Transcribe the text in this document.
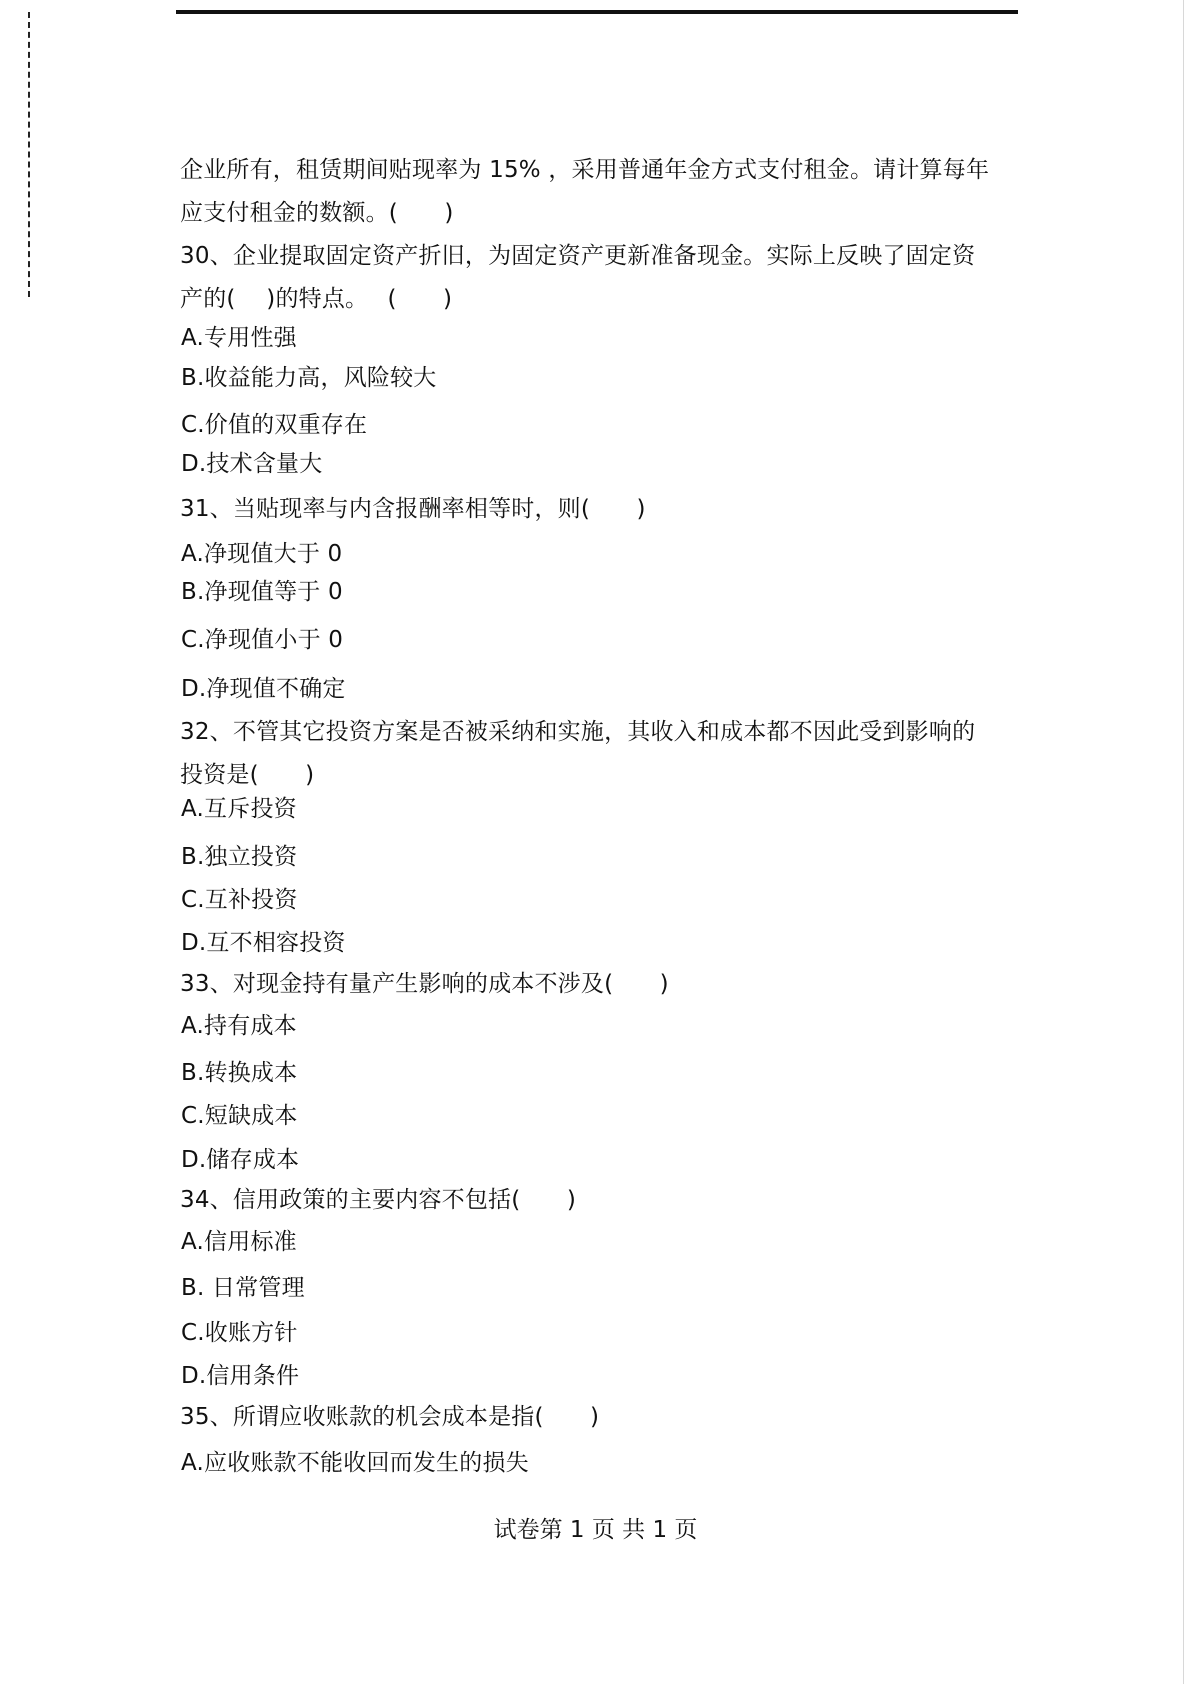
企业所有，租赁期间贴现率为 15% ，采用普通年金方式支付租金。请计算每年
应支付租金的数额。(　　)
30、企业提取固定资产折旧，为固定资产更新准备现金。实际上反映了固定资
产的(　 )的特点。　 (　　)
A.专用性强
B.收益能力高，风险较大
C.价值的双重存在
D.技术含量大
31、当贴现率与内含报酬率相等时，则(　　)
A.净现值大于 0
B.净现值等于 0
C.净现值小于 0
D.净现值不确定
32、不管其它投资方案是否被采纳和实施，其收入和成本都不因此受到影响的
投资是(　　)
A.互斥投资
B.独立投资
C.互补投资
D.互不相容投资
33、对现金持有量产生影响的成本不涉及(　　)
A.持有成本
B.转换成本
C.短缺成本
D.储存成本
34、信用政策的主要内容不包括(　　)
A.信用标准
B. 日常管理
C.收账方针
D.信用条件
35、所谓应收账款的机会成本是指(　　)
A.应收账款不能收回而发生的损失
试卷第 1 页 共 1 页
